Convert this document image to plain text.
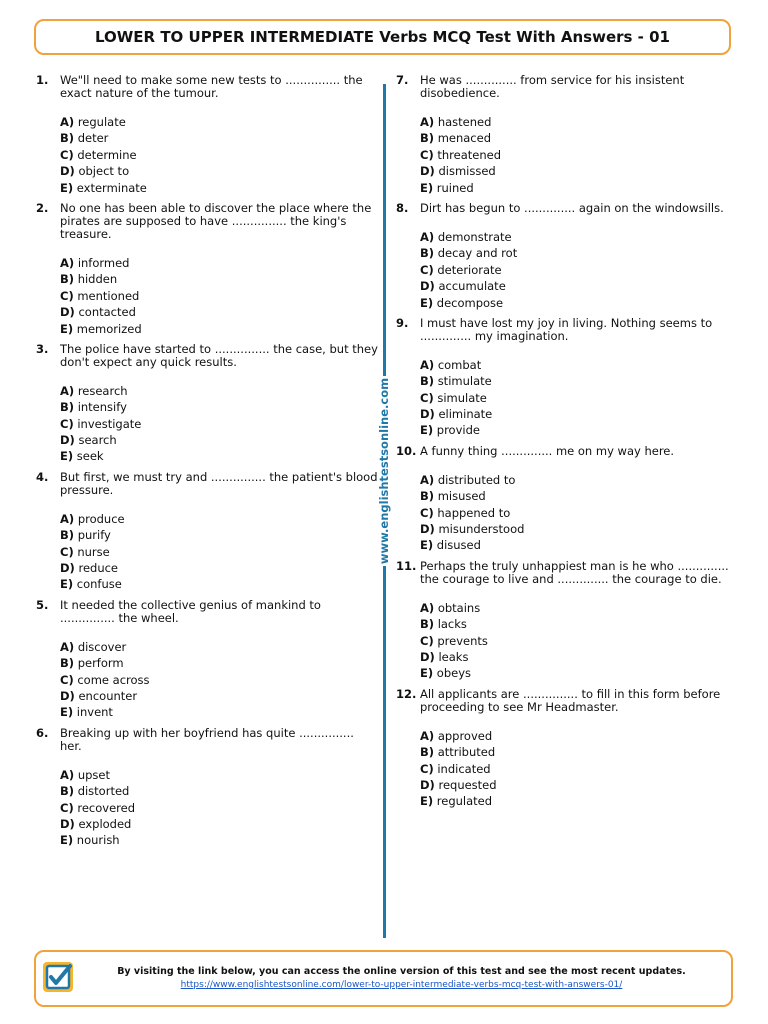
LOWER TO UPPER INTERMEDIATE Verbs MCQ Test With Answers - 01
1.	We"ll need to make some new tests to ............... the exact nature of the tumour.
A) regulate
B) deter
C) determine
D) object to
E) exterminate
2.	No one has been able to discover the place where the pirates are supposed to have ............... the king's treasure.
A) informed
B) hidden
C) mentioned
D) contacted
E) memorized
3.	The police have started to ............... the case, but they don't expect any quick results.
A) research
B) intensify
C) investigate
D) search
E) seek
4.	But first, we must try and ............... the patient's blood pressure.
A) produce
B) purify
C) nurse
D) reduce
E) confuse
5.	It needed the collective genius of mankind to ............... the wheel.
A) discover
B) perform
C) come across
D) encounter
E) invent
6.	Breaking up with her boyfriend has quite ............... her.
A) upset
B) distorted
C) recovered
D) exploded
E) nourish
www.englishtestsonline.com
7.	He was .............. from service for his insistent disobedience.
A) hastened
B) menaced
C) threatened
D) dismissed
E) ruined
8.	Dirt has begun to .............. again on the windowsills.
A) demonstrate
B) decay and rot
C) deteriorate
D) accumulate
E) decompose
9.	I must have lost my joy in living. Nothing seems to .............. my imagination.
A) combat
B) stimulate
C) simulate
D) eliminate
E) provide
10. A funny thing .............. me on my way here.
A) distributed to
B) misused
C) happened to
D) misunderstood
E) disused
11. Perhaps the truly unhappiest man is he who .............. the courage to live and .............. the courage to die.
A) obtains
B) lacks
C) prevents
D) leaks
E) obeys
12. All applicants are ............... to fill in this form before proceeding to see Mr Headmaster.
A) approved
B) attributed
C) indicated
D) requested
E) regulated
By visiting the link below, you can access the online version of this test and see the most recent updates.
https://www.englishtestsonline.com/lower-to-upper-intermediate-verbs-mcq-test-with-answers-01/
